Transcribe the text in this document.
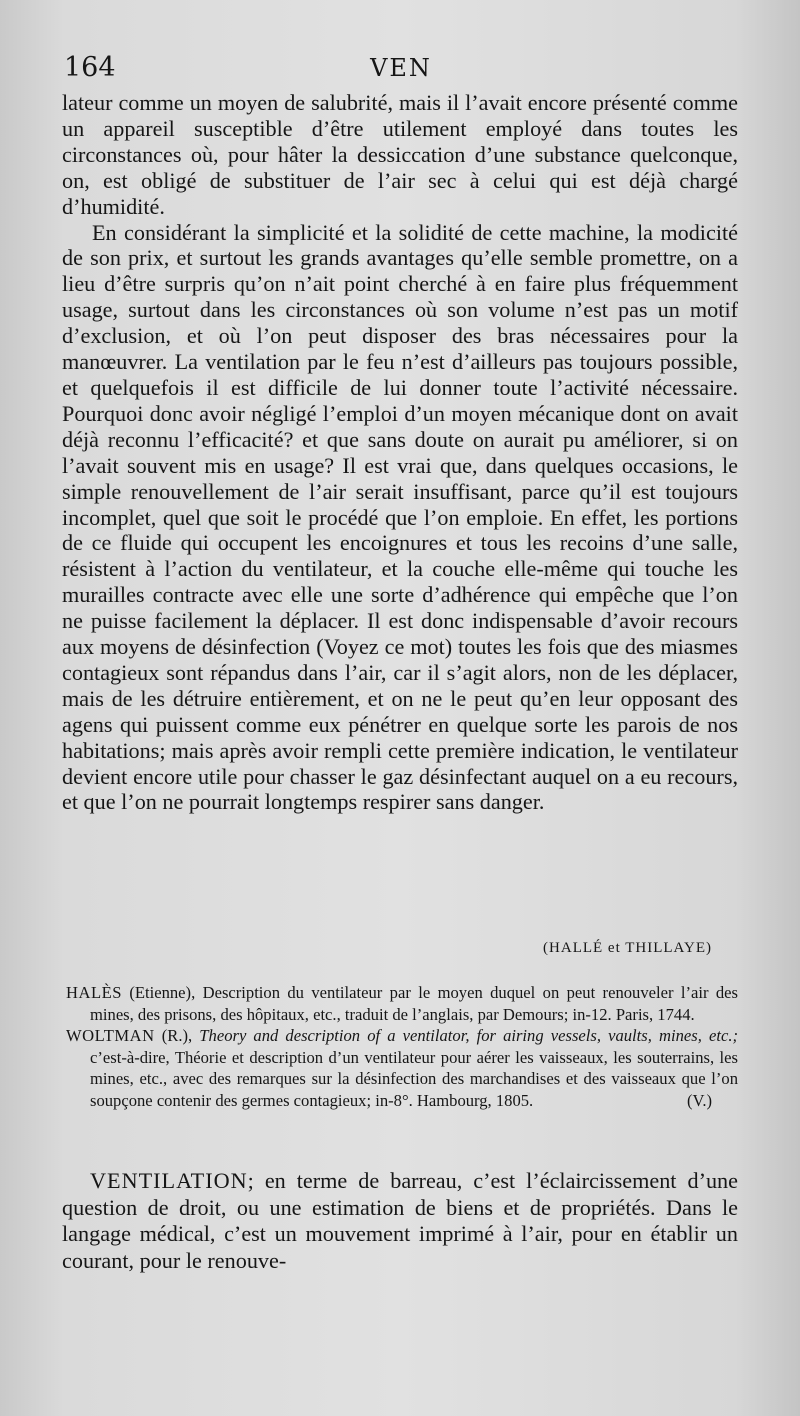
164	VEN

lateur comme un moyen de salubrité, mais il l’avait encore présenté comme un appareil susceptible d’être utilement employé dans toutes les circonstances où, pour hâter la dessiccation d’une substance quelconque, on, est obligé de substituer de l’air sec à celui qui est déjà chargé d’humidité.

En considérant la simplicité et la solidité de cette machine, la modicité de son prix, et surtout les grands avantages qu’elle semble promettre, on a lieu d’être surpris qu’on n’ait point cherché à en faire plus fréquemment usage, surtout dans les circonstances où son volume n’est pas un motif d’exclusion, et où l’on peut disposer des bras nécessaires pour la manœuvrer. La ventilation par le feu n’est d’ailleurs pas toujours possible, et quelquefois il est difficile de lui donner toute l’activité nécessaire. Pourquoi donc avoir négligé l’emploi d’un moyen mécanique dont on avait déjà reconnu l’efficacité? et que sans doute on aurait pu améliorer, si on l’avait souvent mis en usage? Il est vrai que, dans quelques occasions, le simple renouvellement de l’air serait insuffisant, parce qu’il est toujours incomplet, quel que soit le procédé que l’on emploie. En effet, les portions de ce fluide qui occupent les encoignures et tous les recoins d’une salle, résistent à l’action du ventilateur, et la couche elle-même qui touche les murailles contracte avec elle une sorte d’adhérence qui empêche que l’on ne puisse facilement la déplacer. Il est donc indispensable d’avoir recours aux moyens de désinfection (Voyez ce mot) toutes les fois que des miasmes contagieux sont répandus dans l’air, car il s’agit alors, non de les déplacer, mais de les détruire entièrement, et on ne le peut qu’en leur opposant des agens qui puissent comme eux pénétrer en quelque sorte les parois de nos habitations; mais après avoir rempli cette première indication, le ventilateur devient encore utile pour chasser le gaz désinfectant auquel on a eu recours, et que l’on ne pourrait longtemps respirer sans danger.

(HALLÉ et THILLAYE)

HALÈS (Etienne), Description du ventilateur par le moyen duquel on peut renouveler l’air des mines, des prisons, des hôpitaux, etc., traduit de l’anglais, par Demours; in-12. Paris, 1744.

WOLTMAN (R.), Theory and description of a ventilator, for airing vessels, vaults, mines, etc.; c’est-à-dire, Théorie et description d’un ventilateur pour aérer les vaisseaux, les souterrains, les mines, etc., avec des remarques sur la désinfection des marchandises et des vaisseaux que l’on soupçone contenir des germes contagieux; in-8°. Hambourg, 1805.	(V.)

VENTILATION; en terme de barreau, c’est l’éclaircissement d’une question de droit, ou une estimation de biens et de propriétés. Dans le langage médical, c’est un mouvement imprimé à l’air, pour en établir un courant, pour le renouve-
